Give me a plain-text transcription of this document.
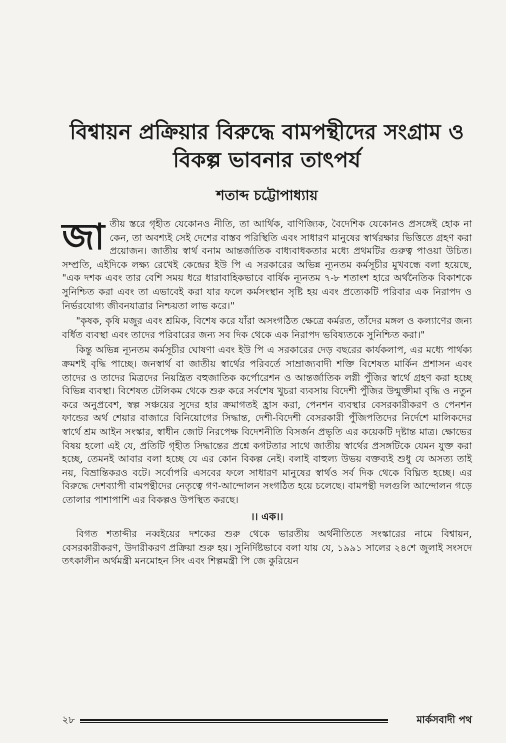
বিশ্বায়ন প্রক্রিয়ার বিরুদ্ধে বামপন্থীদের সংগ্রাম ও বিকল্প ভাবনার তাৎপর্য
শতাব্দ চট্টোপাধ্যায়

জাতীয় স্তরে গৃহীত যেকোনও নীতি, তা আর্থিক, বাণিজ্যিক, বৈদেশিক যেকোনও প্রসঙ্গেই হোক না কেন, তা অবশ্যই সেই দেশের বাস্তব পরিস্থিতি এবং সাধারণ মানুষের স্বার্থরক্ষার ভিত্তিতে গ্রহণ করা প্রয়োজন। জাতীয় স্বার্থ বনাম আন্তর্জাতিক বাধ্যবাধকতার মধ্যে প্রথমটির গুরুত্ব পাওয়া উচিত। সম্প্রতি, এইদিকে লক্ষ্য রেখেই কেন্দ্রের ইউ পি এ সরকারের অভিন্ন ন্যূনতম কর্মসূচীর মুখবন্ধে বলা হয়েছে, "এক দশক এবং তার বেশি সময় ধরে ধারাবাহিকভাবে বার্ষিক ন্যূনতম ৭-৮ শতাংশ হারে অর্থনৈতিক বিকাশকে সুনিশ্চিত করা এবং তা এভাবেই করা যার ফলে কর্মসংস্থান সৃষ্টি হয় এবং প্রত্যেকটি পরিবার এক নিরাপদ ও নির্ভরযোগ্য জীবনযাত্রার নিশ্চয়তা লাভ করে।"

"কৃষক, কৃষি মজুর এবং শ্রমিক, বিশেষ করে যাঁরা অসংগঠিত ক্ষেত্রে কর্মরত, তাঁদের মঙ্গল ও কল্যাণের জন্য বর্ধিত ব্যবস্থা এবং তাদের পরিবারের জন্য সব দিক থেকে এক নিরাপদ ভবিষ্যতকে সুনিশ্চিত করা।"

কিন্তু অভিন্ন ন্যূনতম কর্মসূচীর ঘোষণা এবং ইউ পি এ সরকারের দেড় বছরের কার্যকলাপ, এর মধ্যে পার্থক্য ক্রমশই বৃদ্ধি পাচ্ছে। জনস্বার্থ বা জাতীয় স্বার্থের পরিবর্তে সাম্রাজ্যবাদী শক্তি বিশেষত মার্কিন প্রশাসন এবং তাদের ও তাদের মিত্রদের নিয়ন্ত্রিত বহুজাতিক কর্পোরেশন ও আন্তর্জাতিক লগ্নী পুঁজির স্বার্থে গ্রহণ করা হচ্ছে বিভিন্ন ব্যবস্থা। বিশেষত টেলিকম থেকে শুরু করে সর্বশেষ খুচরা ব্যবসায় বিদেশী পুঁজির উন্মুক্তীমা বৃদ্ধি ও নতুন করে অনুপ্রবেশ, স্বল্প সঞ্চয়ের সুদের হার ক্রমাগতই হ্রাস করা, পেনশন ব্যবস্থার বেসরকারীকরণ ও পেনশন ফান্ডের অর্থ শেয়ার বাজারে বিনিয়োগের সিদ্ধান্ত, দেশী-বিদেশী বেসরকারী পুঁজিপতিদের নির্দেশে মালিকদের স্বার্থে শ্রম আইন সংস্কার, স্বাধীন জোট নিরপেক্ষ বিদেশনীতি বিসর্জন প্রভৃতি এর কয়েকটি দৃষ্টান্ত মাত্র। ক্ষোভের বিষয় হলো এই যে, প্রতিটি গৃহীত সিদ্ধান্তের প্রশ্নে কগটতার সাথে জাতীয় স্বার্থের প্রসঙ্গটিকে যেমন যুক্ত করা হচ্ছে, তেমনই আবার বলা হচ্ছে যে এর কোন বিকল্প নেই। বলাই বাহুল্য উভয় বক্তব্যই শুধু যে অসত্য তাই নয়, বিভ্রান্তিকরও বটে। সর্বোপরি এসবের ফলে সাধারণ মানুষের স্বার্থও সর্ব দিক থেকে বিঘ্নিত হচ্ছে। এর বিরুদ্ধে দেশব্যাপী বামপন্থীদের নেতৃত্বে গণ-আন্দোলন সংগঠিত হয়ে চলেছে। বামপন্থী দলগুলি আন্দোলন গড়ে তোলার পাশাপাশি এর বিকল্পও উপস্থিত করছে।

।। এক।।

বিগত শতাব্দীর নব্বইয়ের দশকের শুরু থেকে ভারতীয় অর্থনীতিতে সংস্কারের নামে বিশ্বায়ন, বেসরকারীকরণ, উদারীকরণ প্রক্রিয়া শুরু হয়। সুনির্দিষ্টভাবে বলা যায় যে, ১৯৯১ সালের ২৪শে জুলাই সংসদে তৎকালীন অর্থমন্ত্রী মনমোহন সিং এবং শিল্পমন্ত্রী পি জে কুরিয়েন

২৮	মার্কসবাদী পথ
